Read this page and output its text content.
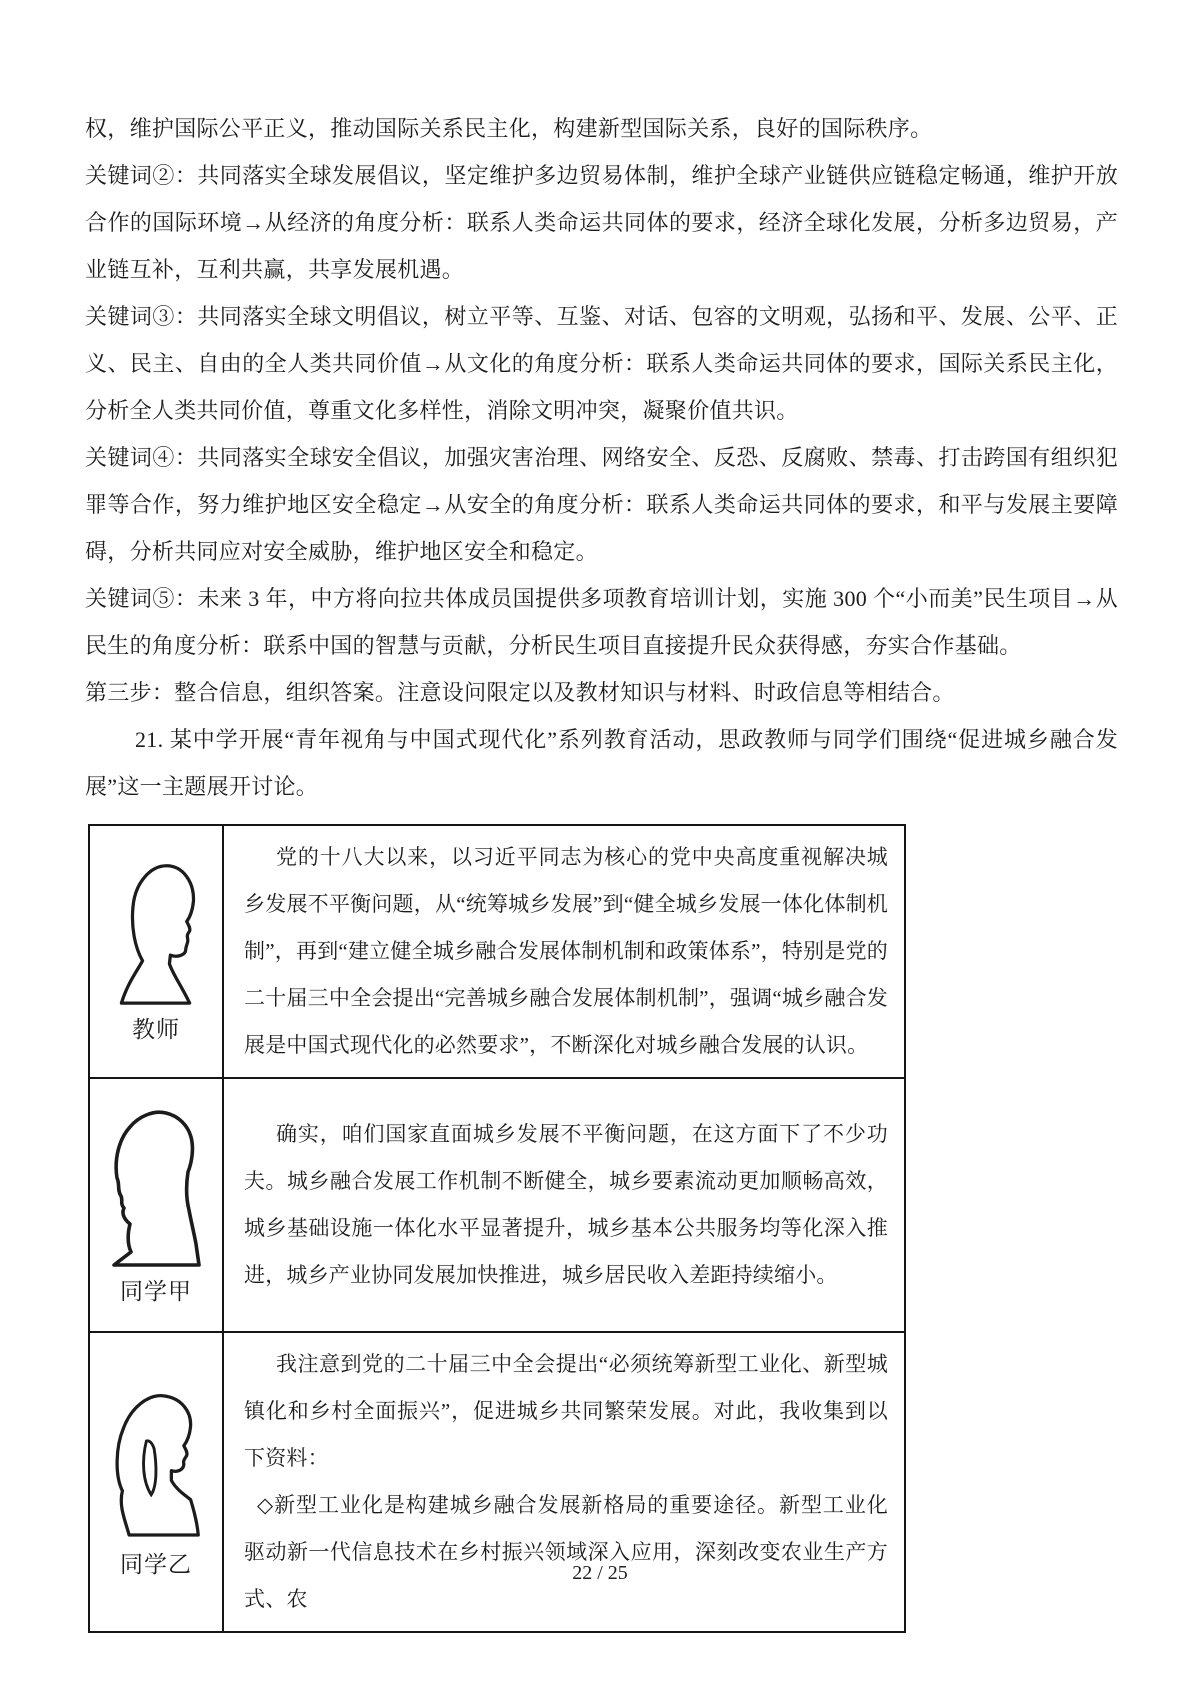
权，维护国际公平正义，推动国际关系民主化，构建新型国际关系，良好的国际秩序。

关键词②：共同落实全球发展倡议，坚定维护多边贸易体制，维护全球产业链供应链稳定畅通，维护开放合作的国际环境→从经济的角度分析：联系人类命运共同体的要求，经济全球化发展，分析多边贸易，产业链互补，互利共赢，共享发展机遇。

关键词③：共同落实全球文明倡议，树立平等、互鉴、对话、包容的文明观，弘扬和平、发展、公平、正义、民主、自由的全人类共同价值→从文化的角度分析：联系人类命运共同体的要求，国际关系民主化，分析全人类共同价值，尊重文化多样性，消除文明冲突，凝聚价值共识。

关键词④：共同落实全球安全倡议，加强灾害治理、网络安全、反恐、反腐败、禁毒、打击跨国有组织犯罪等合作，努力维护地区安全稳定→从安全的角度分析：联系人类命运共同体的要求，和平与发展主要障碍，分析共同应对安全威胁，维护地区安全和稳定。

关键词⑤：未来 3 年，中方将向拉共体成员国提供多项教育培训计划，实施 300 个“小而美”民生项目→从民生的角度分析：联系中国的智慧与贡献，分析民生项目直接提升民众获得感，夯实合作基础。

第三步：整合信息，组织答案。注意设问限定以及教材知识与材料、时政信息等相结合。

21. 某中学开展“青年视角与中国式现代化”系列教育活动，思政教师与同学们围绕“促进城乡融合发展”这一主题展开讨论。

教师	党的十八大以来，以习近平同志为核心的党中央高度重视解决城乡发展不平衡问题，从“统筹城乡发展”到“健全城乡发展一体化体制机制”，再到“建立健全城乡融合发展体制机制和政策体系”，特别是党的二十届三中全会提出“完善城乡融合发展体制机制”，强调“城乡融合发展是中国式现代化的必然要求”，不断深化对城乡融合发展的认识。

同学甲	确实，咱们国家直面城乡发展不平衡问题，在这方面下了不少功夫。城乡融合发展工作机制不断健全，城乡要素流动更加顺畅高效，城乡基础设施一体化水平显著提升，城乡基本公共服务均等化深入推进，城乡产业协同发展加快推进，城乡居民收入差距持续缩小。

同学乙	我注意到党的二十届三中全会提出“必须统筹新型工业化、新型城镇化和乡村全面振兴”，促进城乡共同繁荣发展。对此，我收集到以下资料：

◇新型工业化是构建城乡融合发展新格局的重要途径。新型工业化驱动新一代信息技术在乡村振兴领域深入应用，深刻改变农业生产方式、农

22 / 25
